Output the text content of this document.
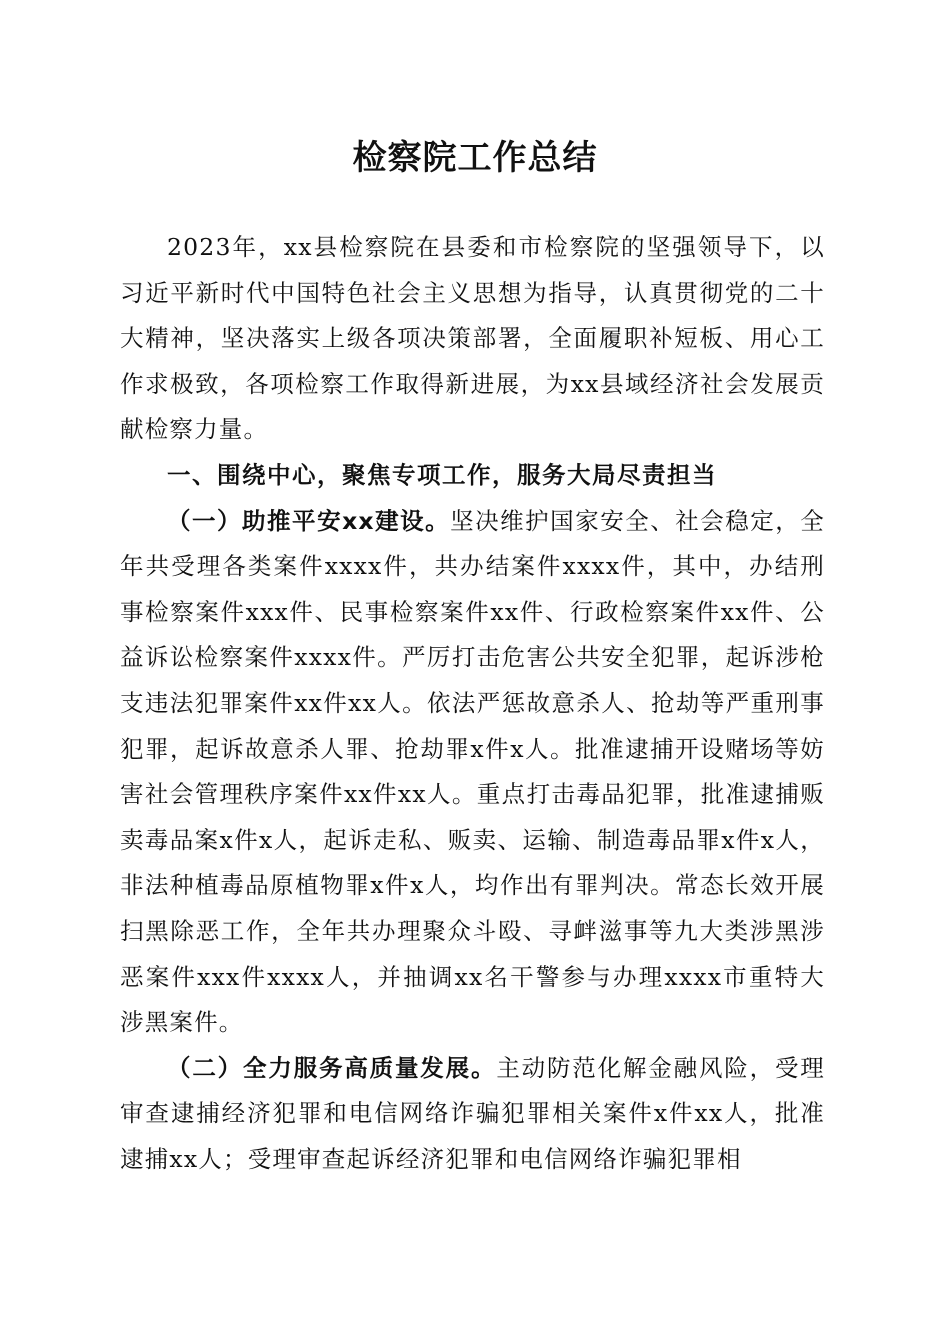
检察院工作总结

2023年，xx县检察院在县委和市检察院的坚强领导下，以习近平新时代中国特色社会主义思想为指导，认真贯彻党的二十大精神，坚决落实上级各项决策部署，全面履职补短板、用心工作求极致，各项检察工作取得新进展，为xx县域经济社会发展贡献检察力量。

一、围绕中心，聚焦专项工作，服务大局尽责担当

（一）助推平安xx建设。坚决维护国家安全、社会稳定，全年共受理各类案件xxxx件，共办结案件xxxx件，其中，办结刑事检察案件xxx件、民事检察案件xx件、行政检察案件xx件、公益诉讼检察案件xxxx件。严厉打击危害公共安全犯罪，起诉涉枪支违法犯罪案件xx件xx人。依法严惩故意杀人、抢劫等严重刑事犯罪，起诉故意杀人罪、抢劫罪x件x人。批准逮捕开设赌场等妨害社会管理秩序案件xx件xx人。重点打击毒品犯罪，批准逮捕贩卖毒品案x件x人，起诉走私、贩卖、运输、制造毒品罪x件x人，非法种植毒品原植物罪x件x人，均作出有罪判决。常态长效开展扫黑除恶工作，全年共办理聚众斗殴、寻衅滋事等九大类涉黑涉恶案件xxx件xxxx人，并抽调xx名干警参与办理xxxx市重特大涉黑案件。

（二）全力服务高质量发展。主动防范化解金融风险，受理审查逮捕经济犯罪和电信网络诈骗犯罪相关案件x件xx人，批准逮捕xx人；受理审查起诉经济犯罪和电信网络诈骗犯罪相
